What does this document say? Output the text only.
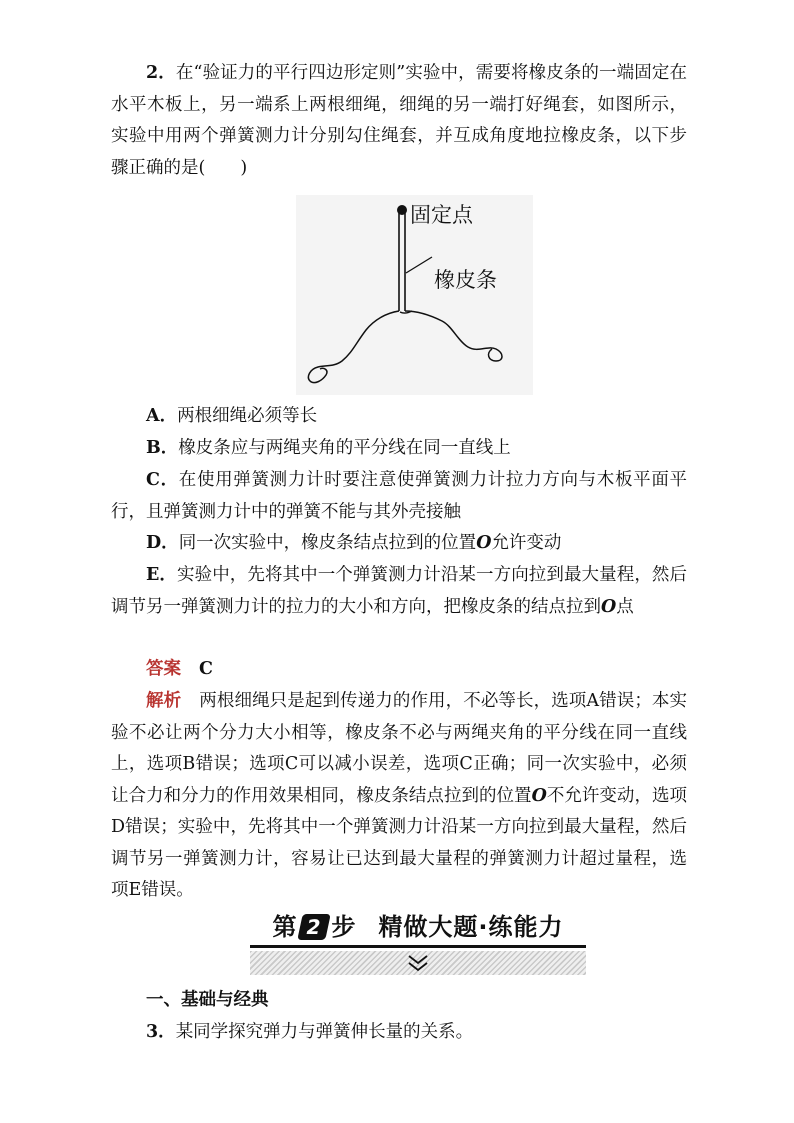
2．在“验证力的平行四边形定则”实验中，需要将橡皮条的一端固定在水平木板上，另一端系上两根细绳，细绳的另一端打好绳套，如图所示，实验中用两个弹簧测力计分别勾住绳套，并互成角度地拉橡皮条，以下步骤正确的是(　　)

固定点
橡皮条

A．两根细绳必须等长

B．橡皮条应与两绳夹角的平分线在同一直线上

C．在使用弹簧测力计时要注意使弹簧测力计拉力方向与木板平面平行，且弹簧测力计中的弹簧不能与其外壳接触

D．同一次实验中，橡皮条结点拉到的位置O允许变动

E．实验中，先将其中一个弹簧测力计沿某一方向拉到最大量程，然后调节另一弹簧测力计的拉力的大小和方向，把橡皮条的结点拉到O点

答案 C

解析 两根细绳只是起到传递力的作用，不必等长，选项A错误；本实验不必让两个分力大小相等，橡皮条不必与两绳夹角的平分线在同一直线上，选项B错误；选项C可以减小误差，选项C正确；同一次实验中，必须让合力和分力的作用效果相同，橡皮条结点拉到的位置O不允许变动，选项D错误；实验中，先将其中一个弹簧测力计沿某一方向拉到最大量程，然后调节另一弹簧测力计，容易让已达到最大量程的弹簧测力计超过量程，选项E错误。

第 2 步 精做大题·练能力
一、基础与经典

3．某同学探究弹力与弹簧伸长量的关系。
